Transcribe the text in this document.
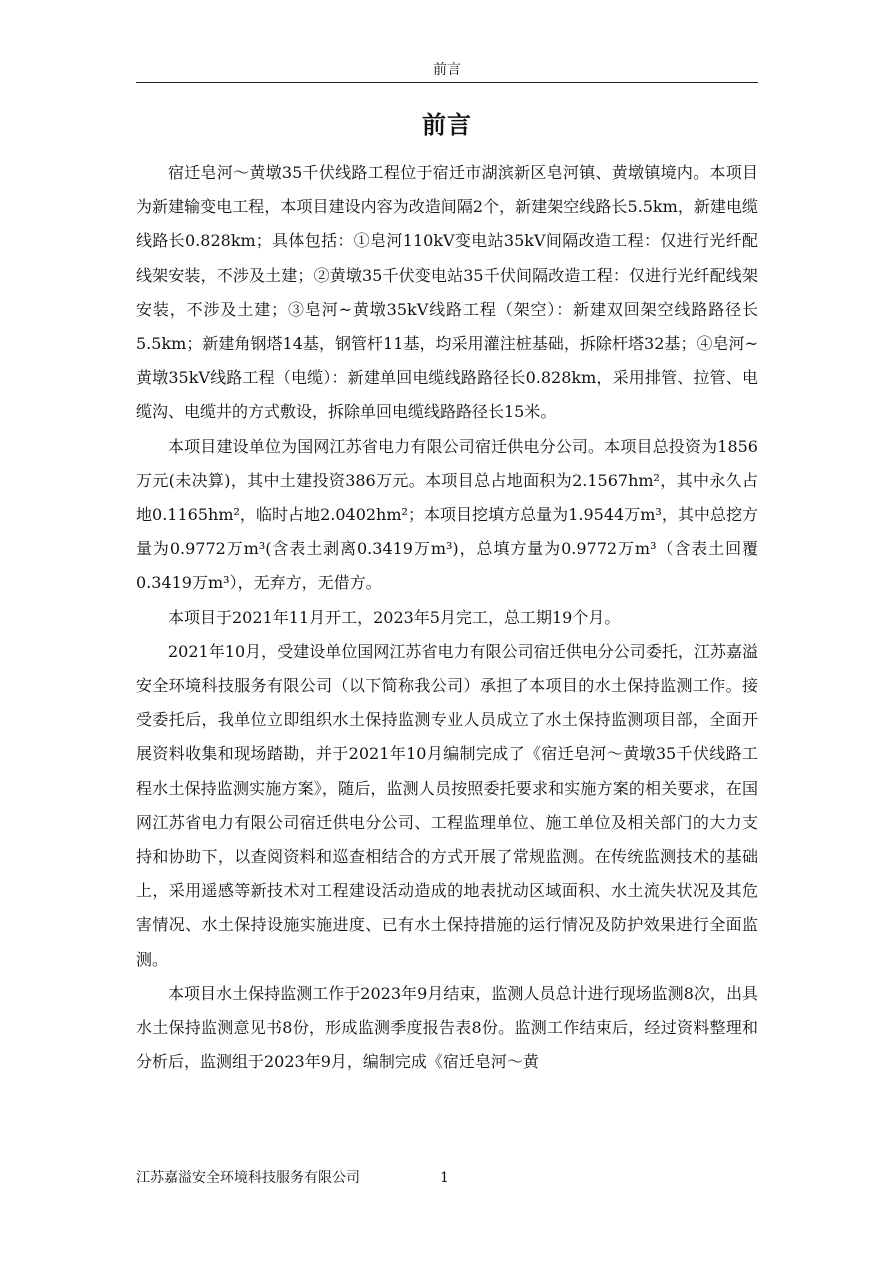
前言
前言

宿迁皂河～黄墩35千伏线路工程位于宿迁市湖滨新区皂河镇、黄墩镇境内。本项目为新建输变电工程，本项目建设内容为改造间隔2个，新建架空线路长5.5km，新建电缆线路长0.828km；具体包括：①皂河110kV变电站35kV间隔改造工程：仅进行光纤配线架安装，不涉及土建；②黄墩35千伏变电站35千伏间隔改造工程：仅进行光纤配线架安装，不涉及土建；③皂河~黄墩35kV线路工程（架空）：新建双回架空线路路径长5.5km；新建角钢塔14基，钢管杆11基，均采用灌注桩基础，拆除杆塔32基；④皂河~黄墩35kV线路工程（电缆）：新建单回电缆线路路径长0.828km，采用排管、拉管、电缆沟、电缆井的方式敷设，拆除单回电缆线路路径长15米。

本项目建设单位为国网江苏省电力有限公司宿迁供电分公司。本项目总投资为1856万元(未决算)，其中土建投资386万元。本项目总占地面积为2.1567hm²，其中永久占地0.1165hm²，临时占地2.0402hm²；本项目挖填方总量为1.9544万m³，其中总挖方量为0.9772万m³(含表土剥离0.3419万m³)，总填方量为0.9772万m³（含表土回覆0.3419万m³），无弃方，无借方。

本项目于2021年11月开工，2023年5月完工，总工期19个月。

2021年10月，受建设单位国网江苏省电力有限公司宿迁供电分公司委托，江苏嘉溢安全环境科技服务有限公司（以下简称我公司）承担了本项目的水土保持监测工作。接受委托后，我单位立即组织水土保持监测专业人员成立了水土保持监测项目部，全面开展资料收集和现场踏勘，并于2021年10月编制完成了《宿迁皂河～黄墩35千伏线路工程水土保持监测实施方案》，随后，监测人员按照委托要求和实施方案的相关要求，在国网江苏省电力有限公司宿迁供电分公司、工程监理单位、施工单位及相关部门的大力支持和协助下，以查阅资料和巡查相结合的方式开展了常规监测。在传统监测技术的基础上，采用遥感等新技术对工程建设活动造成的地表扰动区域面积、水土流失状况及其危害情况、水土保持设施实施进度、已有水土保持措施的运行情况及防护效果进行全面监测。

本项目水土保持监测工作于2023年9月结束，监测人员总计进行现场监测8次，出具水土保持监测意见书8份，形成监测季度报告表8份。监测工作结束后，经过资料整理和分析后，监测组于2023年9月，编制完成《宿迁皂河～黄

江苏嘉溢安全环境科技服务有限公司	1
